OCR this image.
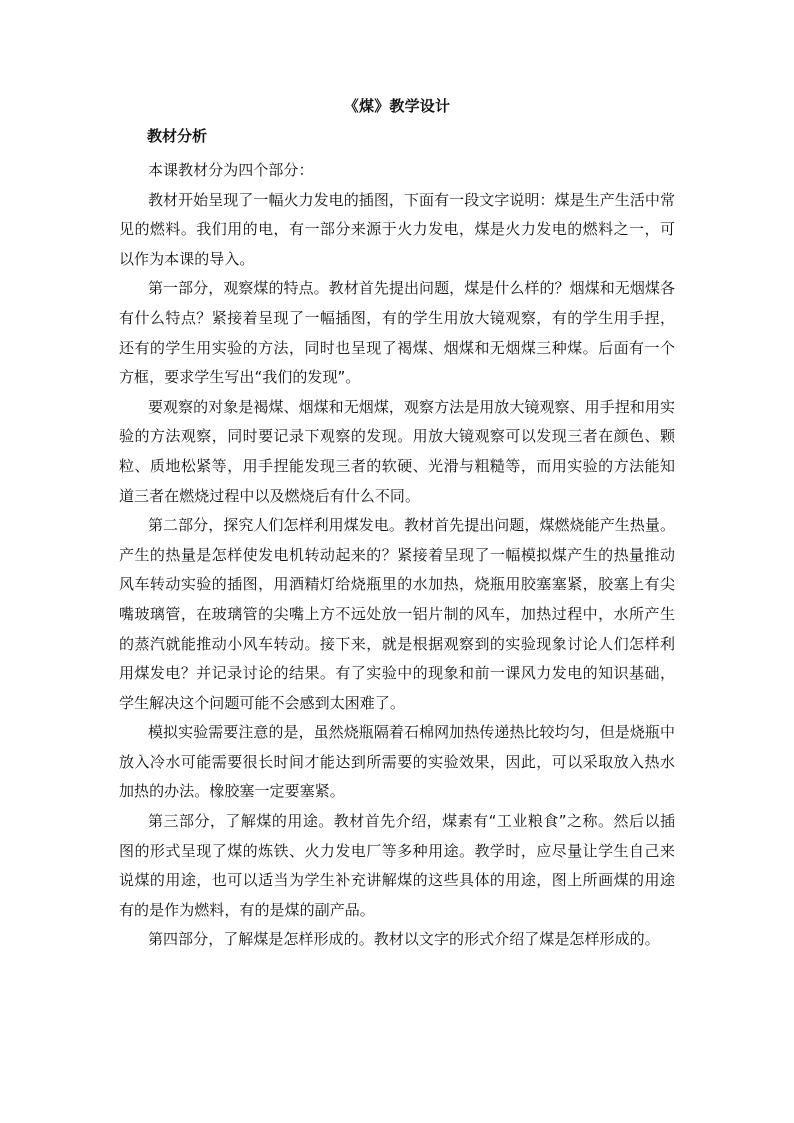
《煤》教学设计
教材分析

本课教材分为四个部分：

教材开始呈现了一幅火力发电的插图，下面有一段文字说明：煤是生产生活中常见的燃料。我们用的电，有一部分来源于火力发电，煤是火力发电的燃料之一，可以作为本课的导入。

第一部分，观察煤的特点。教材首先提出问题，煤是什么样的？烟煤和无烟煤各有什么特点？紧接着呈现了一幅插图，有的学生用放大镜观察，有的学生用手捏，还有的学生用实验的方法，同时也呈现了褐煤、烟煤和无烟煤三种煤。后面有一个方框，要求学生写出“我们的发现”。

要观察的对象是褐煤、烟煤和无烟煤，观察方法是用放大镜观察、用手捏和用实验的方法观察，同时要记录下观察的发现。用放大镜观察可以发现三者在颜色、颗粒、质地松紧等，用手捏能发现三者的软硬、光滑与粗糙等，而用实验的方法能知道三者在燃烧过程中以及燃烧后有什么不同。

第二部分，探究人们怎样利用煤发电。教材首先提出问题，煤燃烧能产生热量。产生的热量是怎样使发电机转动起来的？紧接着呈现了一幅模拟煤产生的热量推动风车转动实验的插图，用酒精灯给烧瓶里的水加热，烧瓶用胶塞塞紧，胶塞上有尖嘴玻璃管，在玻璃管的尖嘴上方不远处放一铝片制的风车，加热过程中，水所产生的蒸汽就能推动小风车转动。接下来，就是根据观察到的实验现象讨论人们怎样利用煤发电？并记录讨论的结果。有了实验中的现象和前一课风力发电的知识基础，学生解决这个问题可能不会感到太困难了。

模拟实验需要注意的是，虽然烧瓶隔着石棉网加热传递热比较均匀，但是烧瓶中放入冷水可能需要很长时间才能达到所需要的实验效果，因此，可以采取放入热水加热的办法。橡胶塞一定要塞紧。

第三部分，了解煤的用途。教材首先介绍，煤素有“工业粮食”之称。然后以插图的形式呈现了煤的炼铁、火力发电厂等多种用途。教学时，应尽量让学生自己来说煤的用途，也可以适当为学生补充讲解煤的这些具体的用途，图上所画煤的用途有的是作为燃料，有的是煤的副产品。

第四部分，了解煤是怎样形成的。教材以文字的形式介绍了煤是怎样形成的。
